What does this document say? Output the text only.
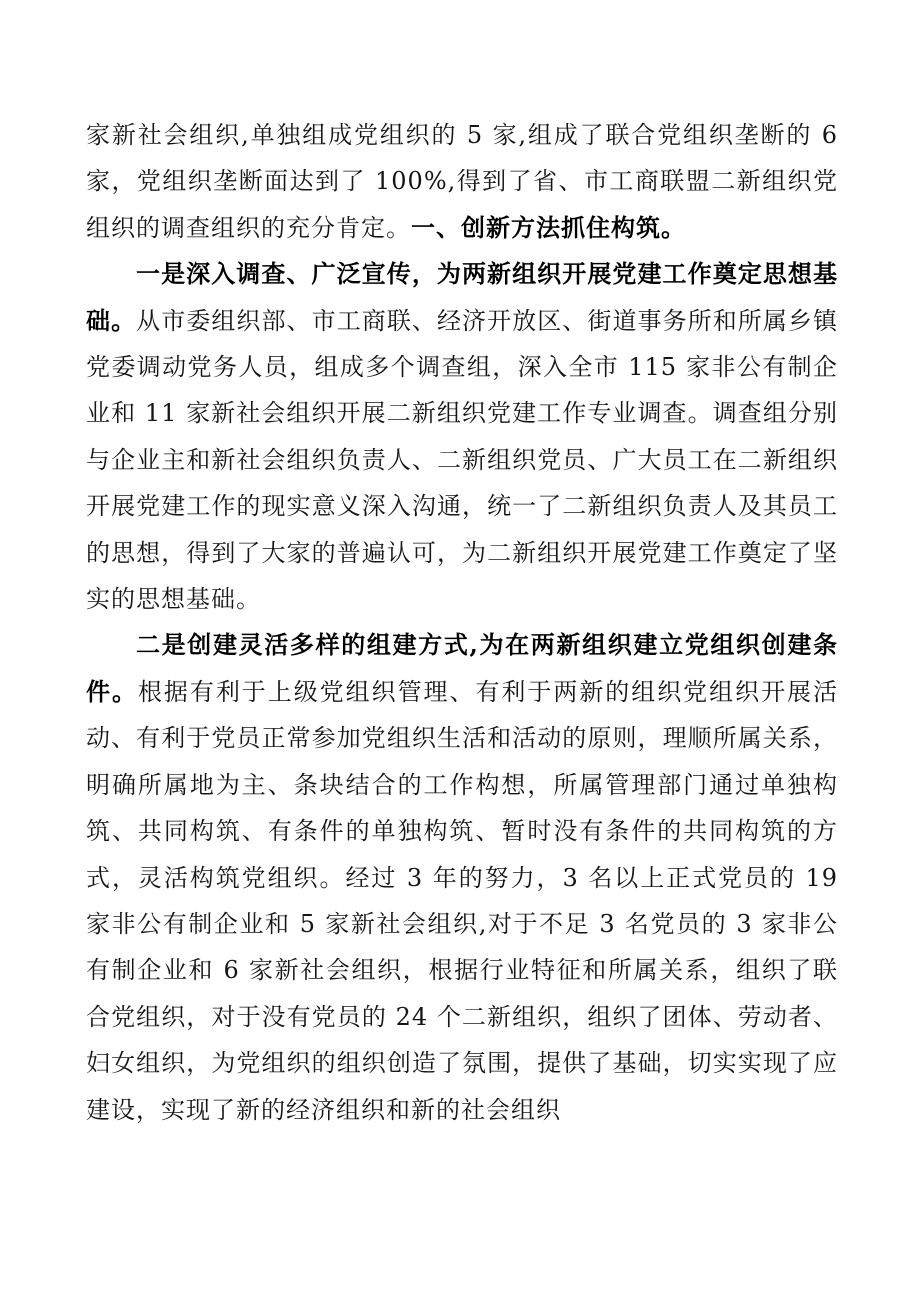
家新社会组织,单独组成党组织的 5 家,组成了联合党组织垄断的 6 家，党组织垄断面达到了 100%,得到了省、市工商联盟二新组织党组织的调查组织的充分肯定。一、创新方法抓住构筑。

一是深入调查、广泛宣传，为两新组织开展党建工作奠定思想基础。从市委组织部、市工商联、经济开放区、街道事务所和所属乡镇党委调动党务人员，组成多个调查组，深入全市 115 家非公有制企业和 11 家新社会组织开展二新组织党建工作专业调查。调查组分别与企业主和新社会组织负责人、二新组织党员、广大员工在二新组织开展党建工作的现实意义深入沟通，统一了二新组织负责人及其员工的思想，得到了大家的普遍认可，为二新组织开展党建工作奠定了坚实的思想基础。

二是创建灵活多样的组建方式,为在两新组织建立党组织创建条件。根据有利于上级党组织管理、有利于两新的组织党组织开展活动、有利于党员正常参加党组织生活和活动的原则，理顺所属关系，明确所属地为主、条块结合的工作构想，所属管理部门通过单独构筑、共同构筑、有条件的单独构筑、暂时没有条件的共同构筑的方式，灵活构筑党组织。经过 3 年的努力，3 名以上正式党员的 19 家非公有制企业和 5 家新社会组织,对于不足 3 名党员的 3 家非公有制企业和 6 家新社会组织，根据行业特征和所属关系，组织了联合党组织，对于没有党员的 24 个二新组织，组织了团体、劳动者、妇女组织，为党组织的组织创造了氛围，提供了基础，切实实现了应建设，实现了新的经济组织和新的社会组织
